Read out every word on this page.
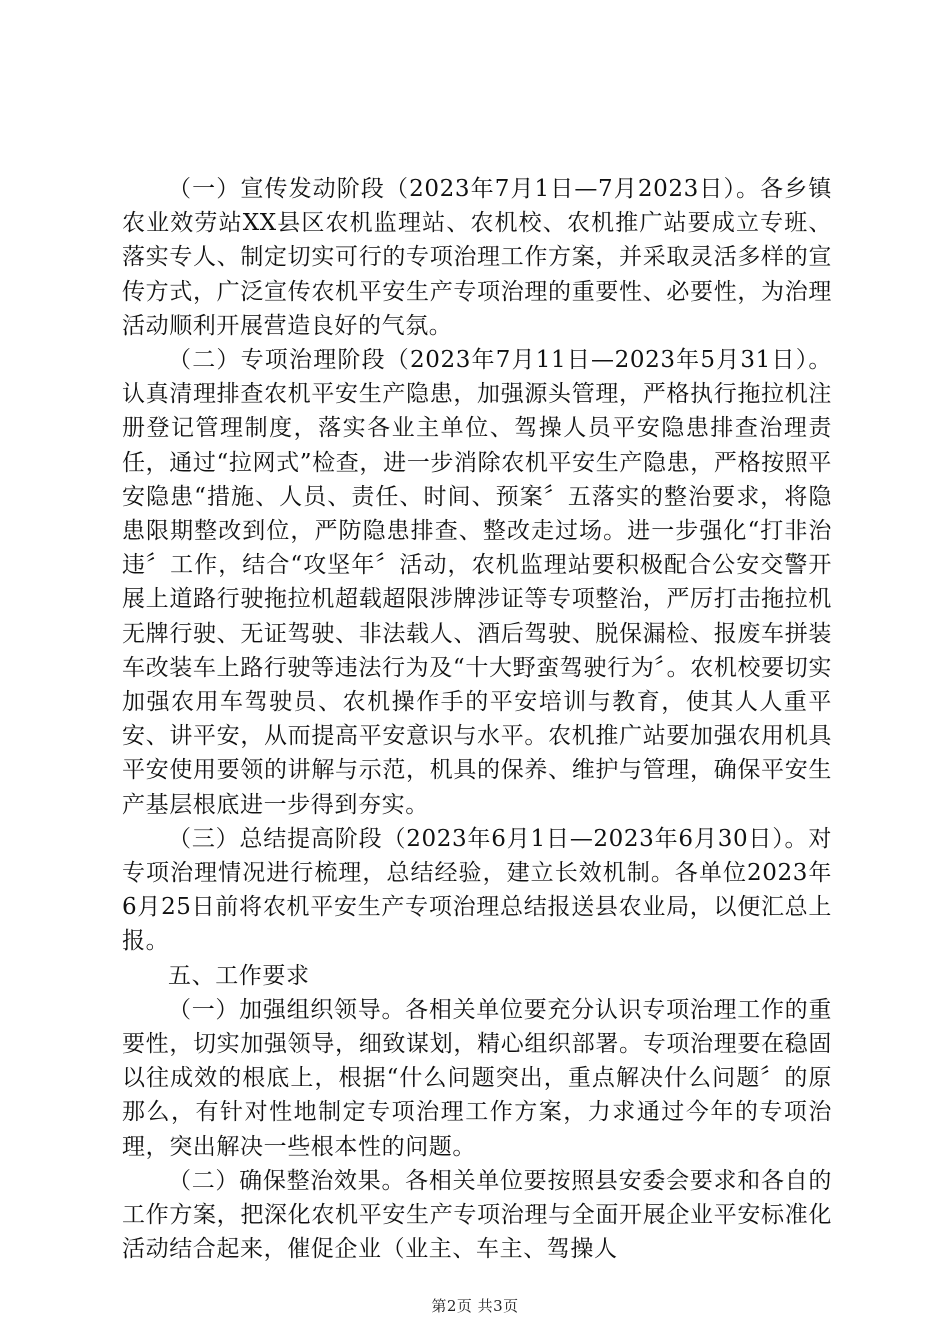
（一）宣传发动阶段（2023年7月1日—7月2023日）。各乡镇农业效劳站XX县区农机监理站、农机校、农机推广站要成立专班、落实专人、制定切实可行的专项治理工作方案，并采取灵活多样的宣传方式，广泛宣传农机平安生产专项治理的重要性、必要性，为治理活动顺利开展营造良好的气氛。

（二）专项治理阶段（2023年7月11日—2023年5月31日）。认真清理排查农机平安生产隐患，加强源头管理，严格执行拖拉机注册登记管理制度，落实各业主单位、驾操人员平安隐患排查治理责任，通过“拉网式”检查，进一步消除农机平安生产隐患，严格按照平安隐患“措施、人员、责任、时间、预案〞五落实的整治要求，将隐患限期整改到位，严防隐患排查、整改走过场。进一步强化“打非治违〞工作，结合“攻坚年〞活动，农机监理站要积极配合公安交警开展上道路行驶拖拉机超载超限涉牌涉证等专项整治，严厉打击拖拉机无牌行驶、无证驾驶、非法载人、酒后驾驶、脱保漏检、报废车拼装车改装车上路行驶等违法行为及“十大野蛮驾驶行为〞。农机校要切实加强农用车驾驶员、农机操作手的平安培训与教育，使其人人重平安、讲平安，从而提高平安意识与水平。农机推广站要加强农用机具平安使用要领的讲解与示范，机具的保养、维护与管理，确保平安生产基层根底进一步得到夯实。

（三）总结提高阶段（2023年6月1日—2023年6月30日）。对专项治理情况进行梳理，总结经验，建立长效机制。各单位2023年6月25日前将农机平安生产专项治理总结报送县农业局，以便汇总上报。

五、工作要求

（一）加强组织领导。各相关单位要充分认识专项治理工作的重要性，切实加强领导，细致谋划，精心组织部署。专项治理要在稳固以往成效的根底上，根据“什么问题突出，重点解决什么问题〞的原那么，有针对性地制定专项治理工作方案，力求通过今年的专项治理，突出解决一些根本性的问题。

（二）确保整治效果。各相关单位要按照县安委会要求和各自的工作方案，把深化农机平安生产专项治理与全面开展企业平安标准化活动结合起来，催促企业（业主、车主、驾操人

第2页 共3页
